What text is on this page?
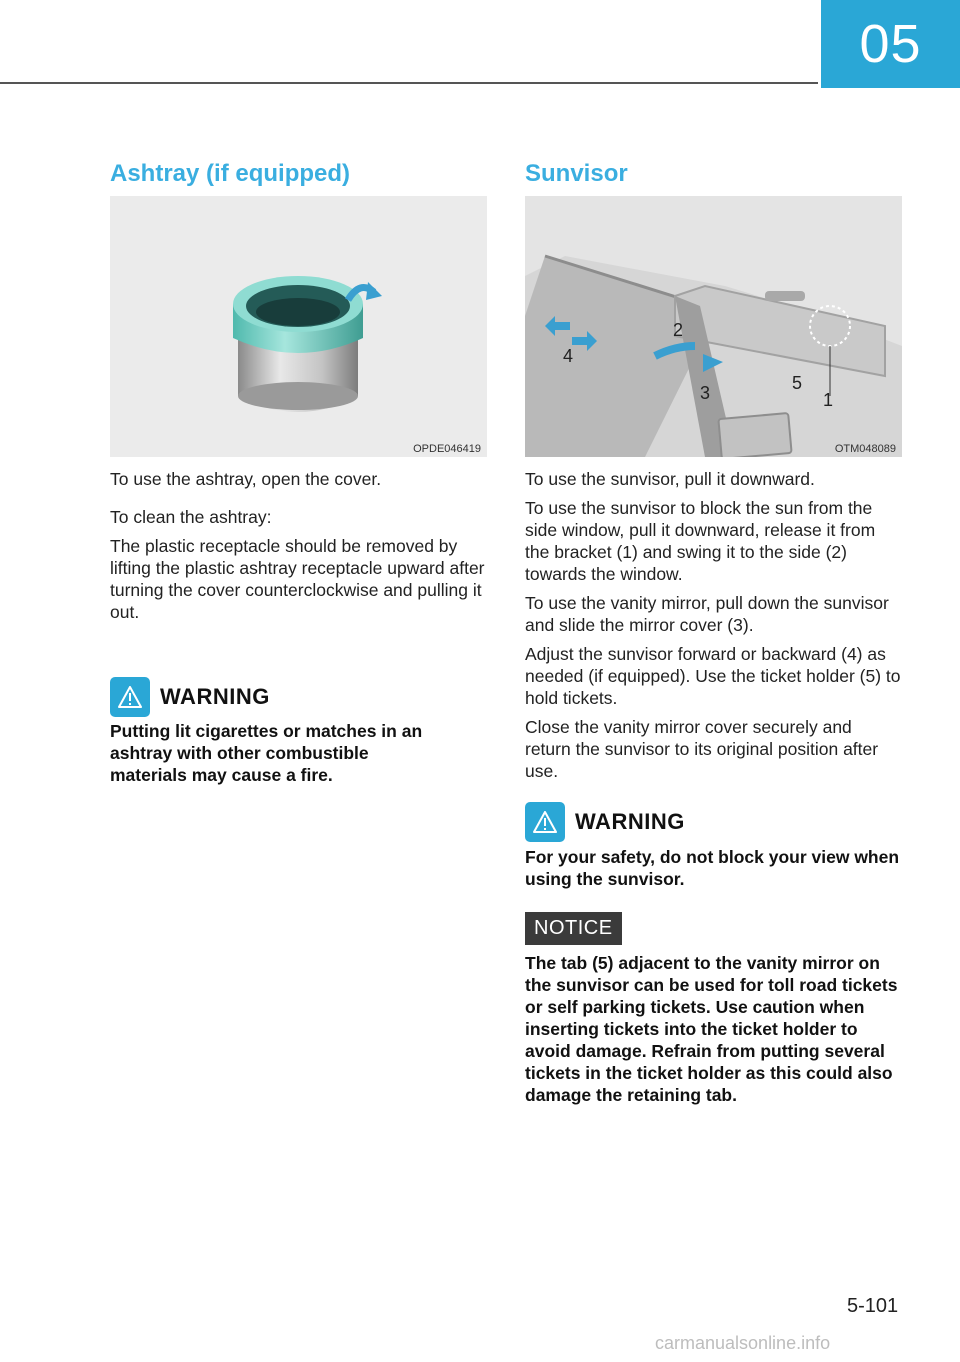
05
Ashtray (if equipped)
OPDE046419

To use the ashtray, open the cover.

To clean the ashtray:

The plastic receptacle should be removed by lifting the plastic ashtray receptacle upward after turning the cover counterclockwise and pulling it out.

WARNING
Putting lit cigarettes or matches in an ashtray with other combustible materials may cause a fire.
Sunvisor
2
4
3	5
1
OTM048089

To use the sunvisor, pull it downward.

To use the sunvisor to block the sun from the side window, pull it downward, release it from the bracket (1) and swing it to the side (2) towards the window.

To use the vanity mirror, pull down the sunvisor and slide the mirror cover (3).

Adjust the sunvisor forward or backward (4) as needed (if equipped). Use the ticket holder (5) to hold tickets.

Close the vanity mirror cover securely and return the sunvisor to its original position after use.

WARNING
For your safety, do not block your view when using the sunvisor.
NOTICE
The tab (5) adjacent to the vanity mirror on the sunvisor can be used for toll road tickets or self parking tickets. Use caution when inserting tickets into the ticket holder to avoid damage. Refrain from putting several tickets in the ticket holder as this could also damage the retaining tab.
5-101
carmanualsonline.info
